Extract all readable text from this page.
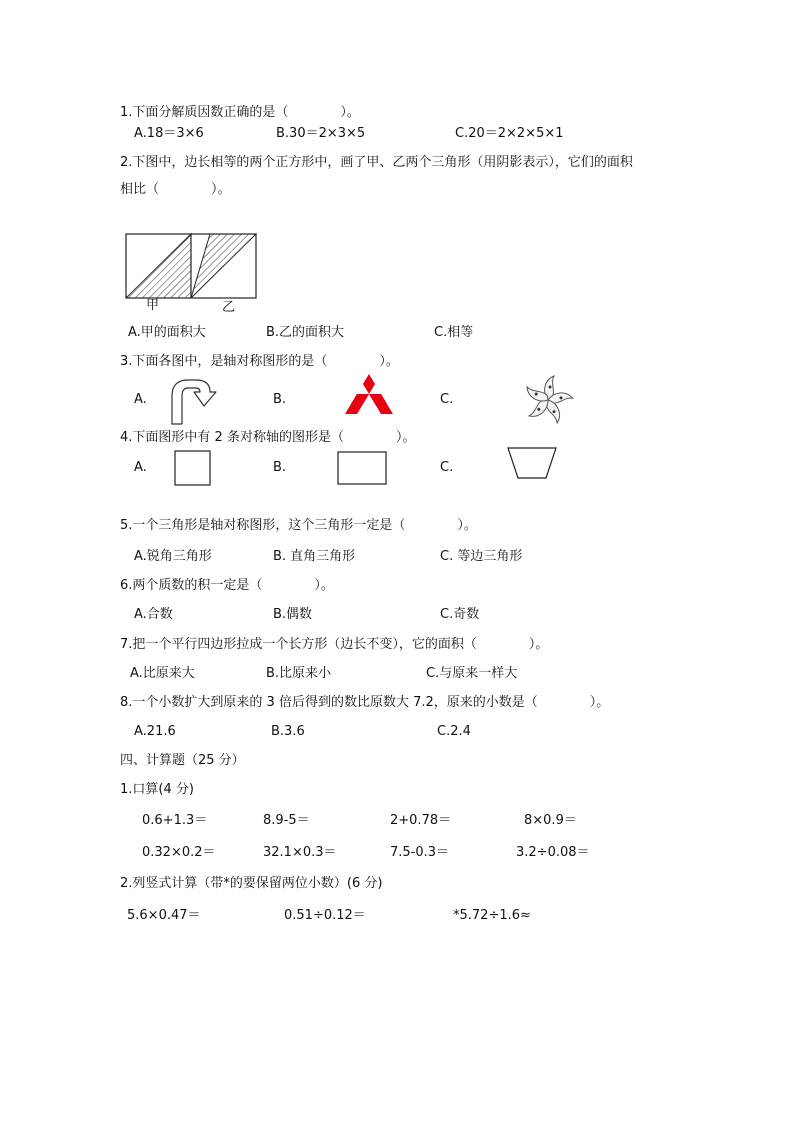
1.下面分解质因数正确的是（　　　　）。
A.18＝3×6	B.30＝2×3×5	C.20＝2×2×5×1
2.下图中，边长相等的两个正方形中，画了甲、乙两个三角形（用阴影表示），它们的面积
相比（　　　　）。
甲	乙
A.甲的面积大	B.乙的面积大	C.相等
3.下面各图中，是轴对称图形的是（　　　　）。
A.	B.	C.
4.下面图形中有 2 条对称轴的图形是（　　　　）。
A.	B.	C.
5.一个三角形是轴对称图形，这个三角形一定是（　　　　）。
A.锐角三角形	B. 直角三角形	C. 等边三角形
6.两个质数的积一定是（　　　　）。
A.合数	B.偶数	C.奇数
7.把一个平行四边形拉成一个长方形（边长不变），它的面积（　　　　）。
A.比原来大	B.比原来小	C.与原来一样大
8.一个小数扩大到原来的 3 倍后得到的数比原数大 7.2，原来的小数是（　　　　）。
A.21.6	B.3.6	C.2.4
四、计算题（25 分）
1.口算(4 分)
0.6+1.3＝	8.9-5＝	2+0.78＝	8×0.9＝
0.32×0.2＝	32.1×0.3＝	7.5-0.3＝	3.2÷0.08＝
2.列竖式计算（带*的要保留两位小数）(6 分)
5.6×0.47＝	0.51÷0.12＝	*5.72÷1.6≈
